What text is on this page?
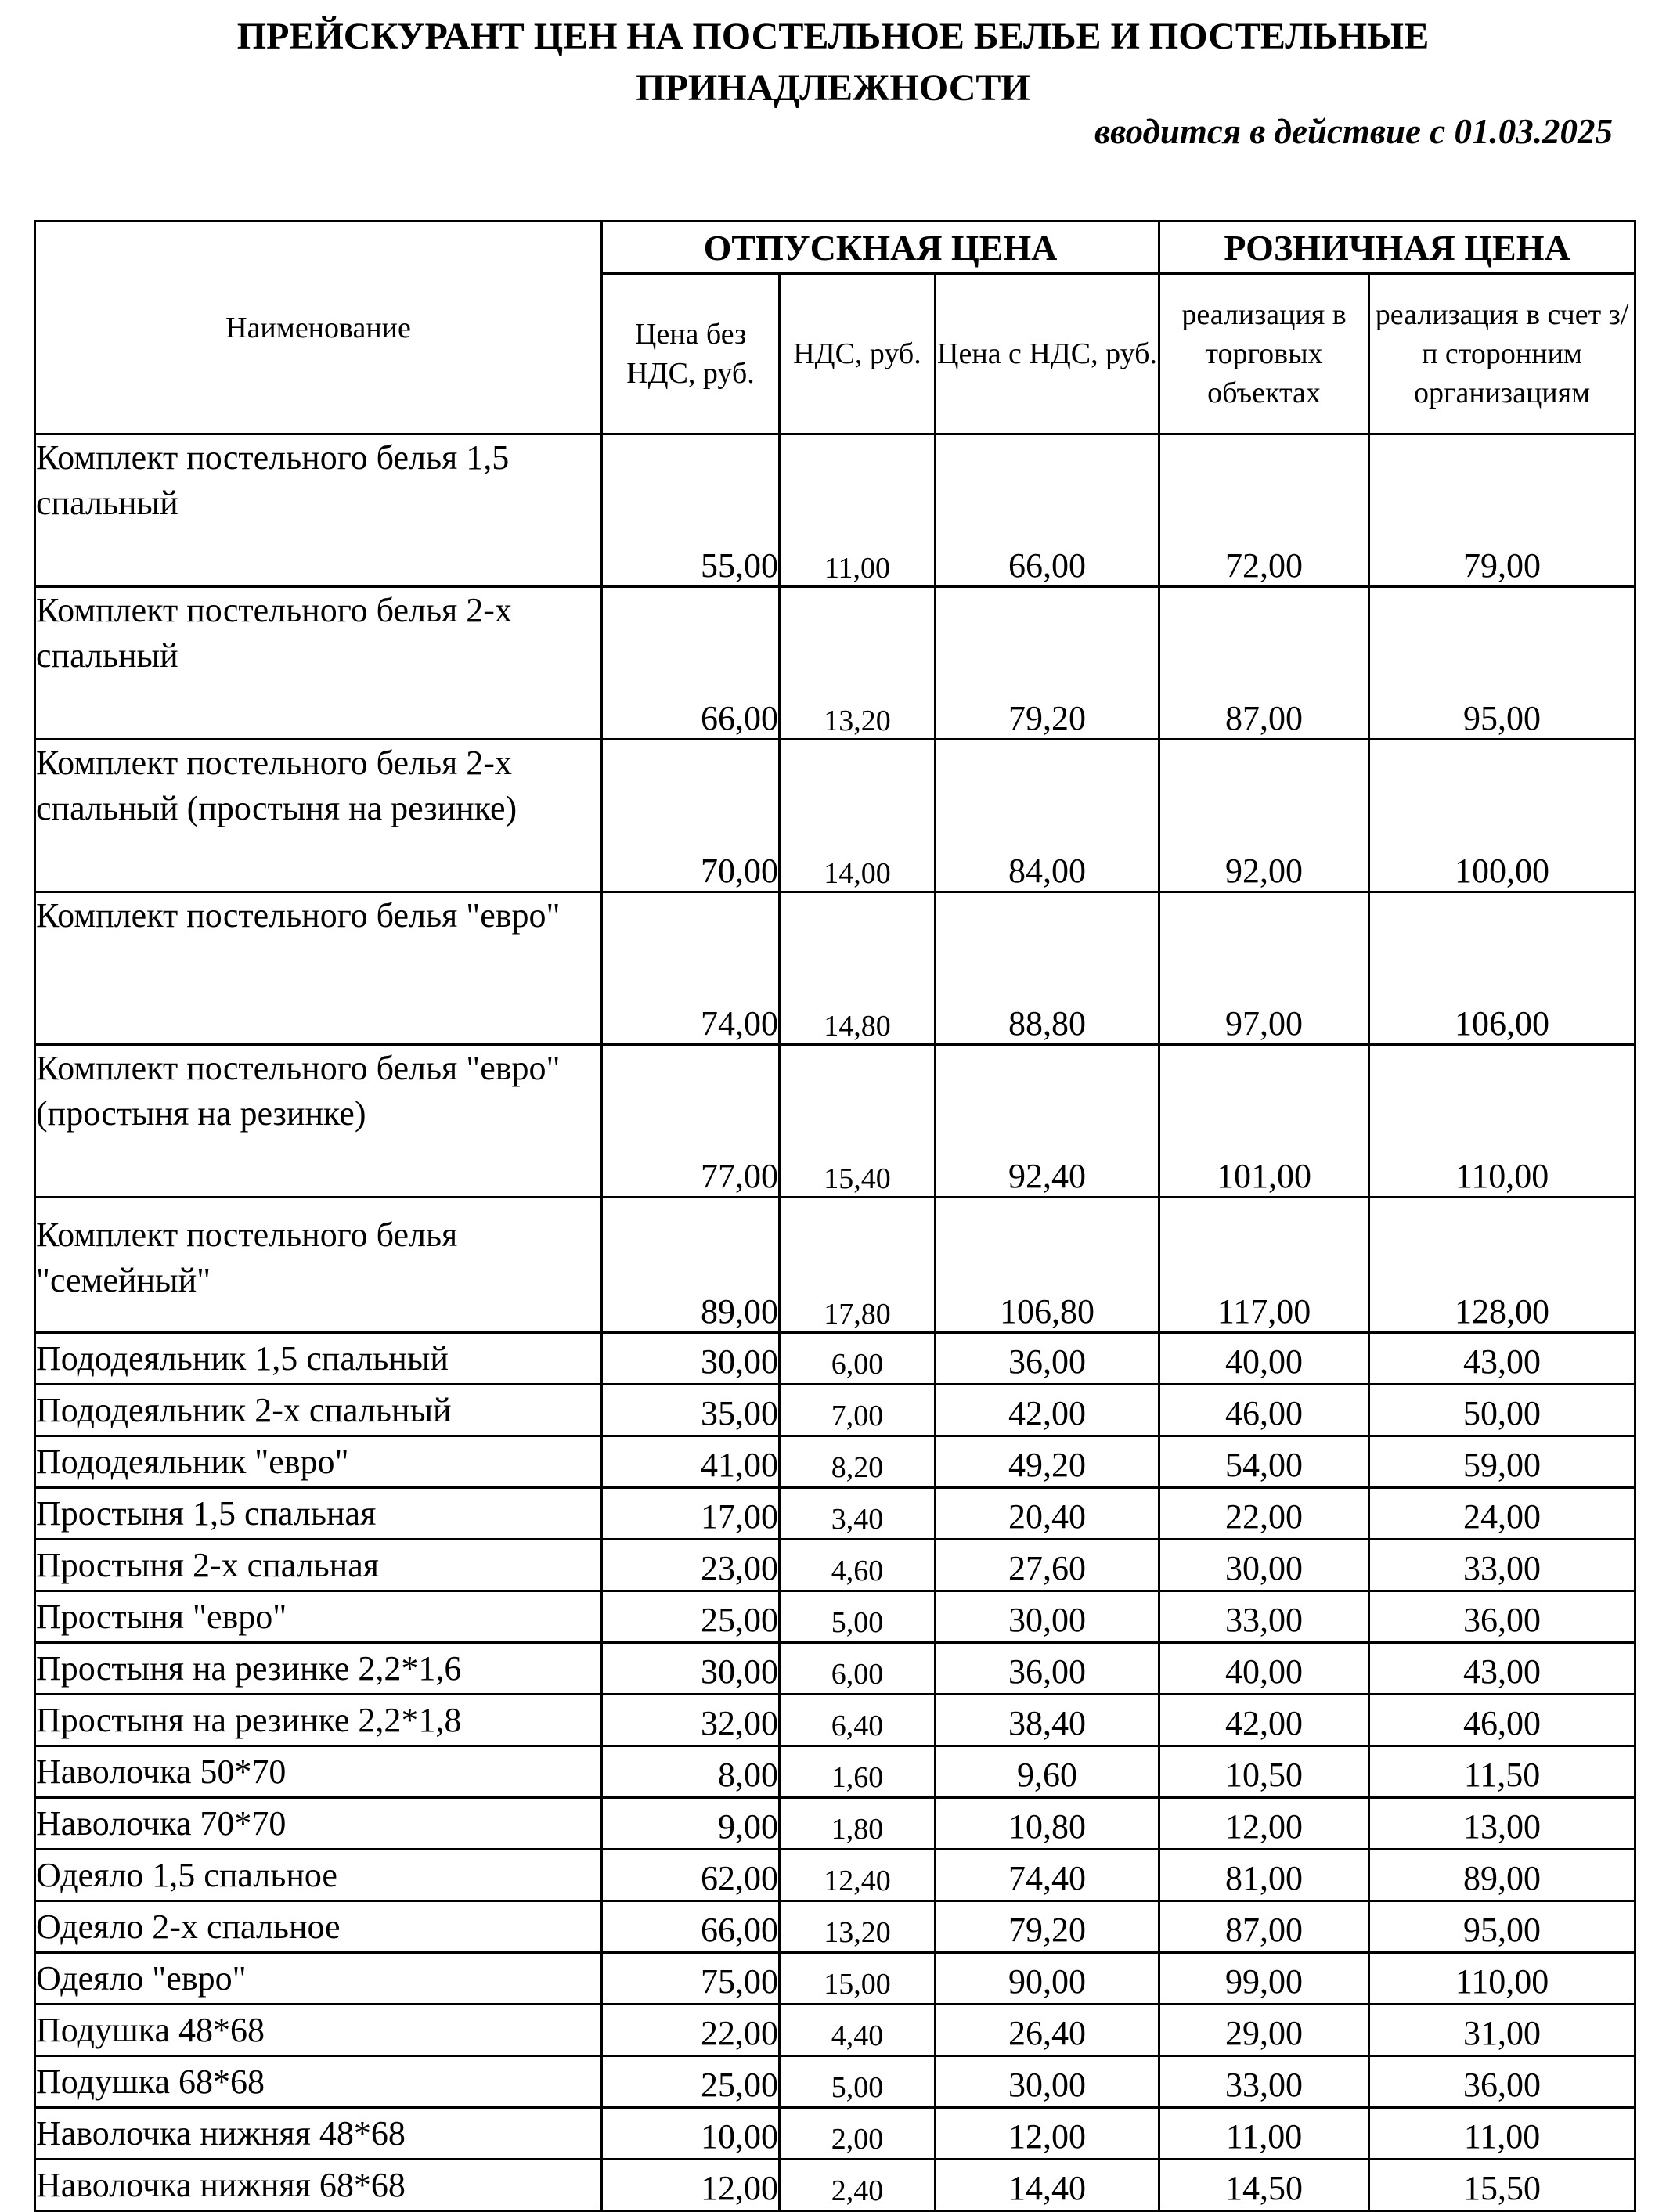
ПРЕЙСКУРАНТ ЦЕН НА ПОСТЕЛЬНОЕ БЕЛЬЕ И ПОСТЕЛЬНЫЕ
ПРИНАДЛЕЖНОСТИ
вводится в действие с 01.03.2025
Наименование	ОТПУСКНАЯ ЦЕНА			РОЗНИЧНАЯ ЦЕНА	
	Цена без НДС, руб.	НДС, руб.	Цена с НДС, руб.	реализация в торговых объектах	реализация в счет з/п сторонним организациям
Комплект постельного белья 1,5 спальный	55,00	11,00	66,00	72,00	79,00
Комплект постельного белья 2-х спальный	66,00	13,20	79,20	87,00	95,00
Комплект постельного белья 2-х спальный (простыня на резинке)	70,00	14,00	84,00	92,00	100,00
Комплект постельного белья "евро"	74,00	14,80	88,80	97,00	106,00
Комплект постельного белья "евро" (простыня на резинке)	77,00	15,40	92,40	101,00	110,00
Комплект постельного белья "семейный"	89,00	17,80	106,80	117,00	128,00
Пододеяльник 1,5 спальный	30,00	6,00	36,00	40,00	43,00
Пододеяльник 2-х спальный	35,00	7,00	42,00	46,00	50,00
Пододеяльник "евро"	41,00	8,20	49,20	54,00	59,00
Простыня 1,5 спальная	17,00	3,40	20,40	22,00	24,00
Простыня 2-х спальная	23,00	4,60	27,60	30,00	33,00
Простыня "евро"	25,00	5,00	30,00	33,00	36,00
Простыня на резинке 2,2*1,6	30,00	6,00	36,00	40,00	43,00
Простыня на резинке 2,2*1,8	32,00	6,40	38,40	42,00	46,00
Наволочка 50*70	8,00	1,60	9,60	10,50	11,50
Наволочка 70*70	9,00	1,80	10,80	12,00	13,00
Одеяло 1,5 спальное	62,00	12,40	74,40	81,00	89,00
Одеяло 2-х спальное	66,00	13,20	79,20	87,00	95,00
Одеяло "евро"	75,00	15,00	90,00	99,00	110,00
Подушка 48*68	22,00	4,40	26,40	29,00	31,00
Подушка 68*68	25,00	5,00	30,00	33,00	36,00
Наволочка нижняя 48*68	10,00	2,00	12,00	11,00	11,00
Наволочка нижняя 68*68	12,00	2,40	14,40	14,50	15,50
